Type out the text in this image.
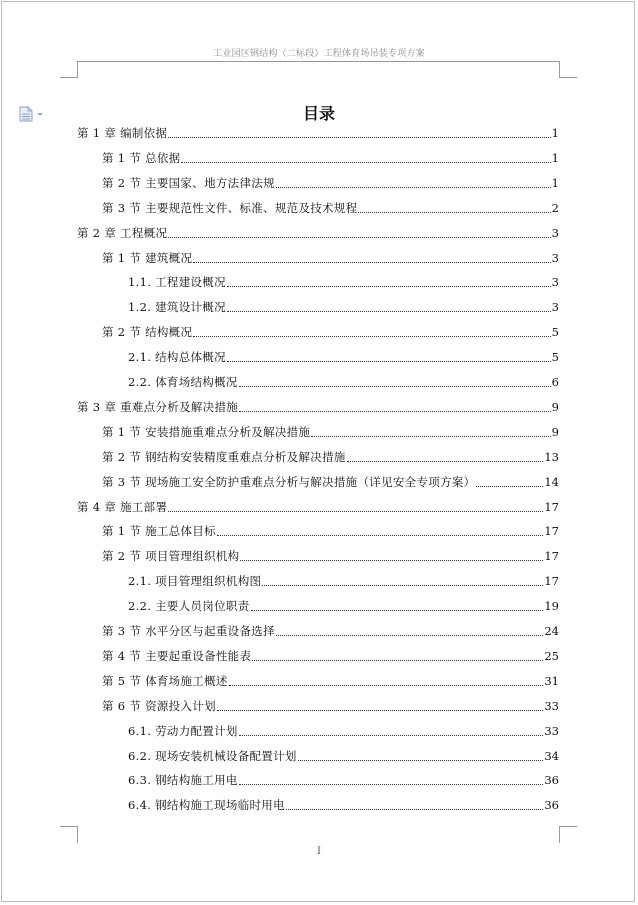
工业园区钢结构（二标段）工程体育场吊装专项方案
目录
第 1 章 编制依据	1
第 1 节 总依据	1
第 2 节 主要国家、地方法律法规	1
第 3 节 主要规范性文件、标准、规范及技术规程	2
第 2 章 工程概况	3
第 1 节 建筑概况	3
1.1. 工程建设概况	3
1.2. 建筑设计概况	3
第 2 节 结构概况	5
2.1. 结构总体概况	5
2.2. 体育场结构概况	6
第 3 章 重难点分析及解决措施	9
第 1 节 安装措施重难点分析及解决措施	9
第 2 节 钢结构安装精度重难点分析及解决措施	13
第 3 节 现场施工安全防护重难点分析与解决措施（详见安全专项方案）	14
第 4 章 施工部署	17
第 1 节 施工总体目标	17
第 2 节 项目管理组织机构	17
2.1. 项目管理组织机构图	17
2.2. 主要人员岗位职责	19
第 3 节 水平分区与起重设备选择	24
第 4 节 主要起重设备性能表	25
第 5 节 体育场施工概述	31
第 6 节 资源投入计划	33
6.1. 劳动力配置计划	33
6.2. 现场安装机械设备配置计划	34
6.3. 钢结构施工用电	36
6.4. 钢结构施工现场临时用电	36
I
